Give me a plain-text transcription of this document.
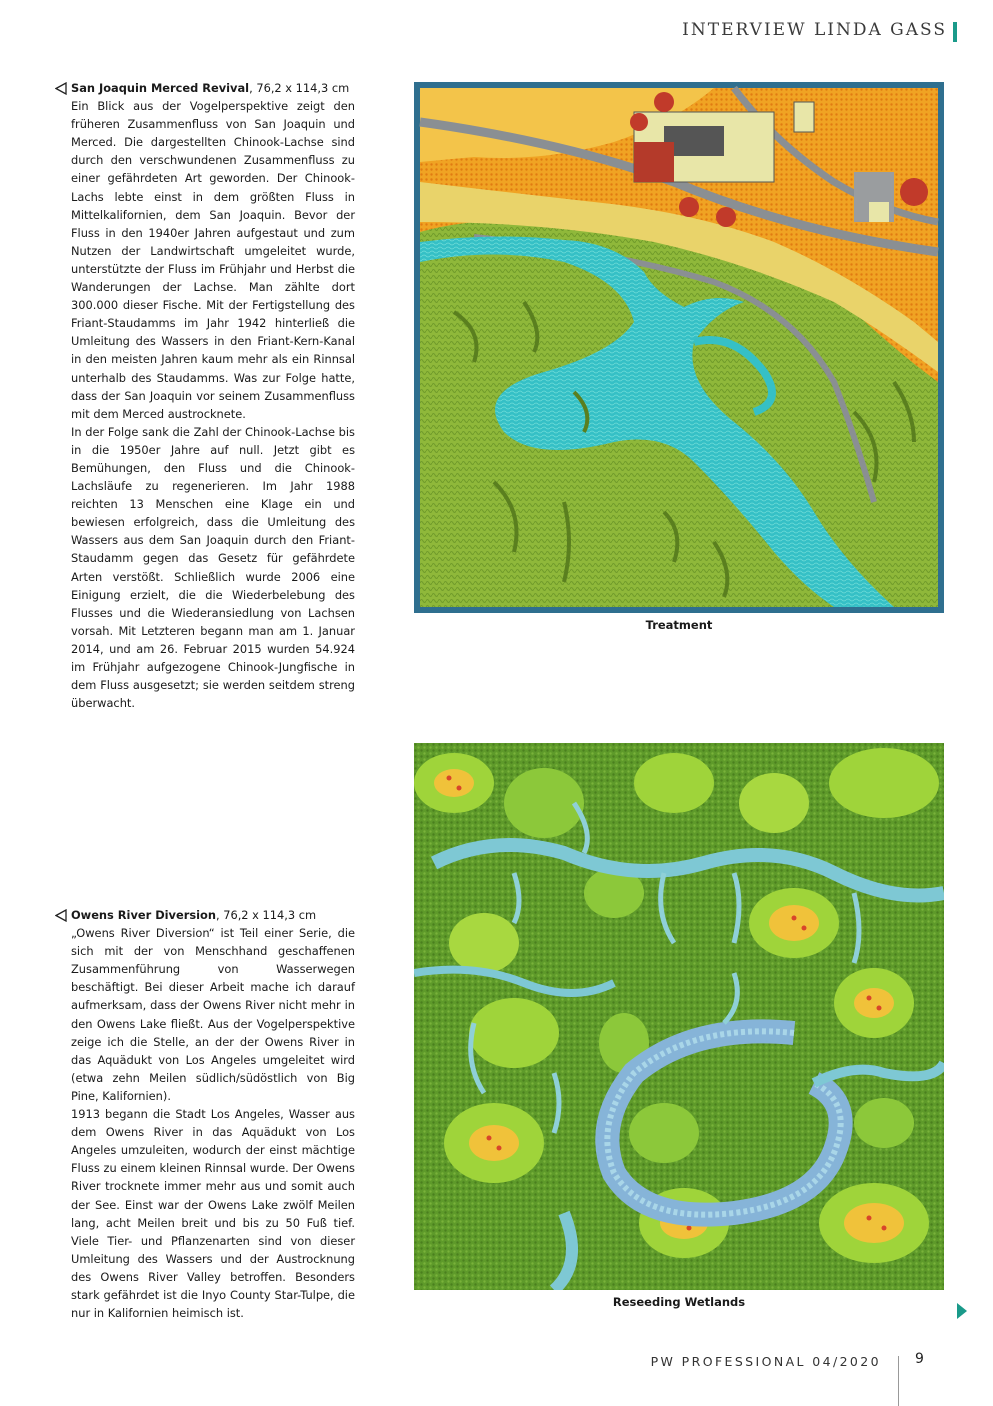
INTERVIEW LINDA GASS

San Joaquin Merced Revival, 76,2 x 114,3 cm

Ein Blick aus der Vogelperspektive zeigt den früheren Zusammenfluss von San Joaquin und Merced. Die dargestellten Chinook-Lachse sind durch den verschwundenen Zusammenfluss zu einer gefährdeten Art geworden. Der Chinook-Lachs lebte einst in dem größten Fluss in Mittelkalifornien, dem San Joaquin. Bevor der Fluss in den 1940er Jahren aufgestaut und zum Nutzen der Landwirtschaft umgeleitet wurde, unterstützte der Fluss im Frühjahr und Herbst die Wanderungen der Lachse. Man zählte dort 300.000 dieser Fische. Mit der Fertigstellung des Friant-Staudamms im Jahr 1942 hinterließ die Umleitung des Wassers in den Friant-Kern-Kanal in den meisten Jahren kaum mehr als ein Rinnsal unterhalb des Staudamms. Was zur Folge hatte, dass der San Joaquin vor seinem Zusammenfluss mit dem Merced austrocknete.

In der Folge sank die Zahl der Chinook-Lachse bis in die 1950er Jahre auf null. Jetzt gibt es Bemühungen, den Fluss und die Chinook-Lachsläufe zu regenerieren. Im Jahr 1988 reichten 13 Menschen eine Klage ein und bewiesen erfolgreich, dass die Umleitung des Wassers aus dem San Joaquin durch den Friant-Staudamm gegen das Gesetz für gefährdete Arten verstößt. Schließlich wurde 2006 eine Einigung erzielt, die die Wiederbelebung des Flusses und die Wiederansiedlung von Lachsen vorsah. Mit Letzteren begann man am 1. Januar 2014, und am 26. Februar 2015 wurden 54.924 im Frühjahr aufgezogene Chinook-Jungfische in dem Fluss ausgesetzt; sie werden seitdem streng überwacht.

Treatment

Owens River Diversion, 76,2 x 114,3 cm

„Owens River Diversion“ ist Teil einer Serie, die sich mit der von Menschhand geschaffenen Zusammenführung von Wasserwegen beschäftigt. Bei dieser Arbeit mache ich darauf aufmerksam, dass der Owens River nicht mehr in den Owens Lake fließt. Aus der Vogelperspektive zeige ich die Stelle, an der der Owens River in das Aquädukt von Los Angeles umgeleitet wird (etwa zehn Meilen südlich/südöstlich von Big Pine, Kalifornien).

1913 begann die Stadt Los Angeles, Wasser aus dem Owens River in das Aquädukt von Los Angeles umzuleiten, wodurch der einst mächtige Fluss zu einem kleinen Rinnsal wurde. Der Owens River trocknete immer mehr aus und somit auch der See. Einst war der Owens Lake zwölf Meilen lang, acht Meilen breit und bis zu 50 Fuß tief. Viele Tier- und Pflanzenarten sind von dieser Umleitung des Wassers und der Austrocknung des Owens River Valley betroffen. Besonders stark gefährdet ist die Inyo County Star-Tulpe, die nur in Kalifornien heimisch ist.

Reseeding Wetlands
PW PROFESSIONAL 04/2020 9
